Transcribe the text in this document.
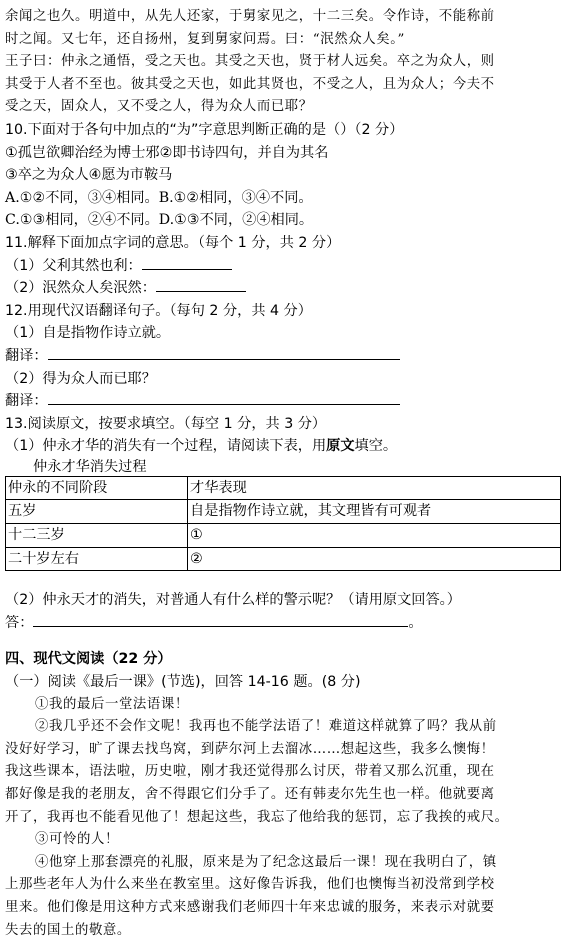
余闻之也久。明道中，从先人还家，于舅家见之，十二三矣。令作诗，不能称前
时之闻。又七年，还自扬州，复到舅家问焉。曰：“泯然众人矣。”
王子曰：仲永之通悟，受之天也。其受之天也，贤于材人远矣。卒之为众人，则
其受于人者不至也。彼其受之天也，如此其贤也，不受之人，且为众人；今夫不
受之天，固众人，又不受之人，得为众人而已耶？
10.下面对于各句中加点的“为”字意思判断正确的是（）（2 分）
①孤岂欲卿治经为博士邪②即书诗四句，并自为其名
③卒之为众人④愿为市鞍马
A.①②不同，③④相同。B.①②相同，③④不同。
C.①③相同，②④不同。D.①③不同，②④相同。
11.解释下面加点字词的意思。（每个 1 分，共 2 分）
（1）父利其然也利：
（2）泯然众人矣泯然：
12.用现代汉语翻译句子。（每句 2 分，共 4 分）
（1）自是指物作诗立就。
翻译：
（2）得为众人而已耶？
翻译：
13.阅读原文，按要求填空。（每空 1 分，共 3 分）
（1）仲永才华的消失有一个过程，请阅读下表，用原文填空。
仲永才华消失过程
仲永的不同阶段	才华表现
五岁	自是指物作诗立就，其文理皆有可观者
十二三岁	①
二十岁左右	②
（2）仲永天才的消失，对普通人有什么样的警示呢？（请用原文回答。）
答：	。
四、现代文阅读（22 分）
（一）阅读《最后一课》(节选)，回答 14-16 题。(8 分)
①我的最后一堂法语课！
②我几乎还不会作文呢！我再也不能学法语了！难道这样就算了吗？我从前
没好好学习，旷了课去找鸟窝，到萨尔河上去溜冰……想起这些，我多么懊悔！
我这些课本，语法啦，历史啦，刚才我还觉得那么讨厌，带着又那么沉重，现在
都好像是我的老朋友，舍不得跟它们分手了。还有韩麦尔先生也一样。他就要离
开了，我再也不能看见他了！想起这些，我忘了他给我的惩罚，忘了我挨的戒尺。
③可怜的人！
④他穿上那套漂亮的礼服，原来是为了纪念这最后一课！现在我明白了，镇
上那些老年人为什么来坐在教室里。这好像告诉我，他们也懊悔当初没常到学校
里来。他们像是用这种方式来感谢我们老师四十年来忠诚的服务，来表示对就要
失去的国土的敬意。
